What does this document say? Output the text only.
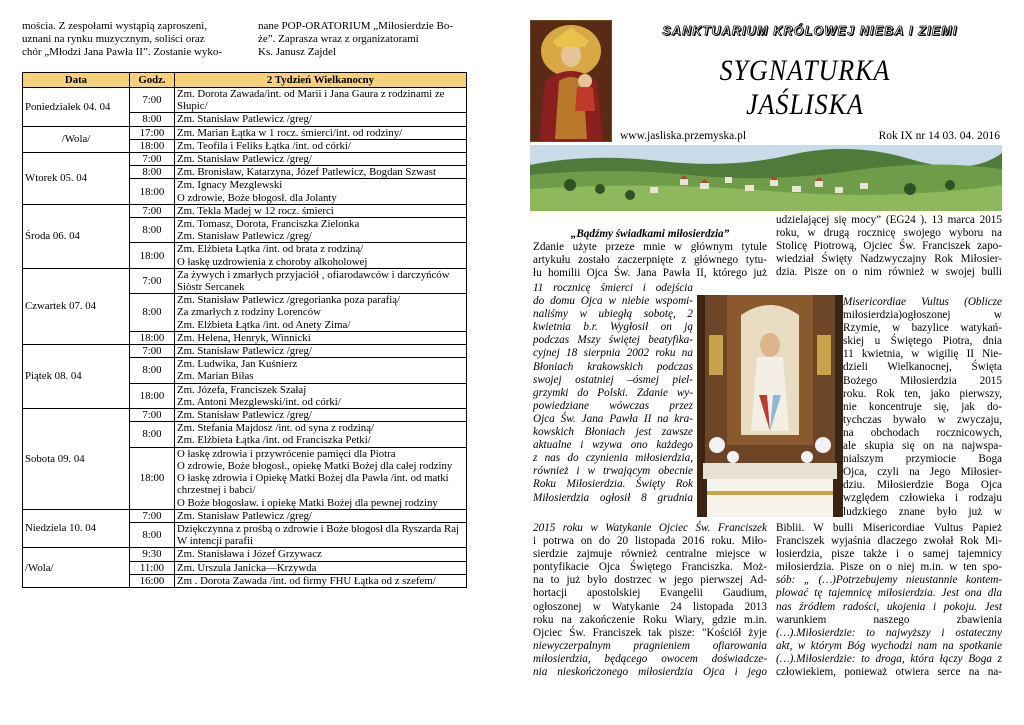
mościa. Z zespołami wystąpią zaproszeni,	nane POP-ORATORIUM „Miłosierdzie Bo-
uznani na rynku muzycznym, soliści oraz	że”. Zaprasza wraz z organizatorami
chór „Młodzi Jana Pawła II”. Zostanie wyko-	Ks. Janusz Zajdel
Data	Godz.	2 Tydzień Wielkanocny
Poniedziałek 04. 04	7:00	Zm. Dorota Zawada/int. od Marii i Jana Gaura z rodzinami ze
Słupic/

	8:00	Zm. Stanisław Patlewicz /greg/

/Wola/	17:00	Zm. Marian Łątka w 1 rocz. śmierci/int. od rodziny/

	18:00	Zm. Teofila i Feliks Łątka /int. od córki/

Wtorek 05. 04	7:00	Zm. Stanisław Patlewicz /greg/

	8:00	Zm. Bronisław, Katarzyna, Józef Patlewicz, Bogdan Szwast

	18:00	Zm. Ignacy Mezglewski
O zdrowie, Boże błogosł. dla Jolanty

Środa 06. 04	7:00	Zm. Tekla Madej w 12 rocz. śmierci

	8:00	Zm. Tomasz, Dorota, Franciszka Zielonka
Zm. Stanisław Patlewicz /greg/

	18:00	Zm. Elżbieta Łątka /int. od brata z rodziną/
O łaskę uzdrowienia z choroby alkoholowej

Czwartek 07. 04	7:00	Za żywych i zmarłych przyjaciół , ofiarodawców i darczyńców
Siòstr Sercanek

	8:00	Zm. Stanisław Patlewicz /gregorianka poza parafią/
Za zmarłych z rodziny Lorenców
Zm. Elżbieta Łątka /int. od Anety Zima/

	18:00	Zm. Helena, Henryk, Winnicki

Piątek 08. 04	7:00	Zm. Stanisław Patlewicz /greg/

	8:00	Zm. Ludwika, Jan Kuśnierz
Zm. Marian Biłas

	18:00	Zm. Józefa, Franciszek Szałaj
Zm. Antoni Mezglewski/int. od córki/

Sobota 09. 04	7:00	Zm. Stanisław Patlewicz /greg/

	8:00	Zm. Stefania Majdosz /int. od syna z rodziną/
Zm. Elżbieta Łątka /int. od Franciszka Petki/

	18:00	O łaskę zdrowia i przywrócenie pamięci dla Piotra
O zdrowie, Boże błogosł., opiekę Matki Bożej dla całej rodziny
O łaskę zdrowia i Opiekę Matki Bożej dla Pawła /int. od matki
chrzestnej i babci/
O Boże błogosław. i opiekę Matki Bożej dla pewnej rodziny

Niedziela 10. 04	7:00	Zm. Stanisław Patlewicz /greg/

	8:00	Dziękczynna z prośbą o zdrowie i Boże błogosł dla Ryszarda Raj
W intencji parafii

/Wola/	9:30	Zm. Stanisława i Józef Grzywacz

	11:00	Zm. Urszula Janicka—Krzywda

	16:00	Zm . Dorota Zawada /int. od firmy FHU Łątka od z szefem/
SANKTUARIUM KRÓLOWEJ NIEBA I ZIEMI
SYGNATURKA
JAŚLISKA
www.jasliska.przemyska.pl	Rok IX nr 14 03. 04. 2016
„Bądźmy świadkami miłosierdzia”
Zdanie użyte przeze mnie w głównym tytule
artykułu zostało zaczerpnięte z głównego tytu-
łu homilii Ojca Św. Jana Pawła II, którego już
11 rocznicę śmierci i odejścia
do domu Ojca w niebie wspomi-
naliśmy w ubiegłą sobotę, 2
kwietnia b.r. Wygłosił on ją
podczas Mszy świętej beatyfika-
cyjnej 18 sierpnia 2002 roku na
Błoniach krakowskich podczas
swojej ostatniej –ósmej piel-
grzymki do Polski. Zdanie wy-
powiedziane wówczas przez
Ojca Św. Jana Pawła II na kra-
kowskich Błoniach jest zawsze
aktualne i wzywa ono każdego
z nas do czynienia miłosierdzia,
również i w trwającym obecnie
Roku Miłosierdzia. Święty Rok
Miłosierdzia ogłosił 8 grudnia
2015 roku w Watykanie Ojciec Św. Franciszek
i potrwa on do 20 listopada 2016 roku. Miło-
sierdzie zajmuje również centralne miejsce w
pontyfikacie Ojca Świętego Franciszka. Moż-
na to już było dostrzec w jego pierwszej Ad-
hortacji apostolskiej Evangelii Gaudium,
ogłoszonej w Watykanie 24 listopada 2013
roku na zakończenie Roku Wiary, gdzie m.in.
Ojciec Św. Franciszek tak pisze: "Kościół żyje
niewyczerpalnym pragnieniem ofiarowania
miłosierdzia, będącego owocem doświadcze-
nia nieskończonego miłosierdzia Ojca i jego
udzielającej się mocy” (EG24 ). 13 marca 2015
roku, w drugą rocznicę swojego wyboru na
Stolicę Piotrową, Ojciec Św. Franciszek zapo-
wiedział Święty Nadzwyczajny Rok Miłosier-
dzia. Pisze on o nim również w swojej bulli
Misericordiae Vultus (Oblicze
miłosierdzia)ogłoszonej w
Rzymie, w bazylice watykań-
skiej u Świętego Piotra, dnia
11 kwietnia, w wigilię II Nie-
dzieli Wielkanocnej, Święta
Bożego Miłosierdzia 2015
roku. Rok ten, jako pierwszy,
nie koncentruje się, jak do-
tychczas bywało w zwyczaju,
na obchodach rocznicowych,
ale skupia się on na najwspa-
nialszym przymiocie Boga
Ojca, czyli na Jego Miłosier-
dziu. Miłosierdzie Boga Ojca
względem człowieka i rodzaju
ludzkiego znane było już w
Biblii. W bulli Misericordiae Vultus Papież
Franciszek wyjaśnia dlaczego zwołał Rok Mi-
łosierdzia, pisze także i o samej tajemnicy
miłosierdzia. Pisze on o niej m.in. w ten spo-
sób: „ (…)Potrzebujemy nieustannie kontem-
plować tę tajemnicę miłosierdzia. Jest ona dla
nas źródłem radości, ukojenia i pokoju. Jest
warunkiem naszego zbawienia
(…).Miłosierdzie: to najwyższy i ostateczny
akt, w którym Bóg wychodzi nam na spotkanie
(…).Miłosierdzie: to droga, która łączy Boga z
człowiekiem, ponieważ otwiera serce na na-
